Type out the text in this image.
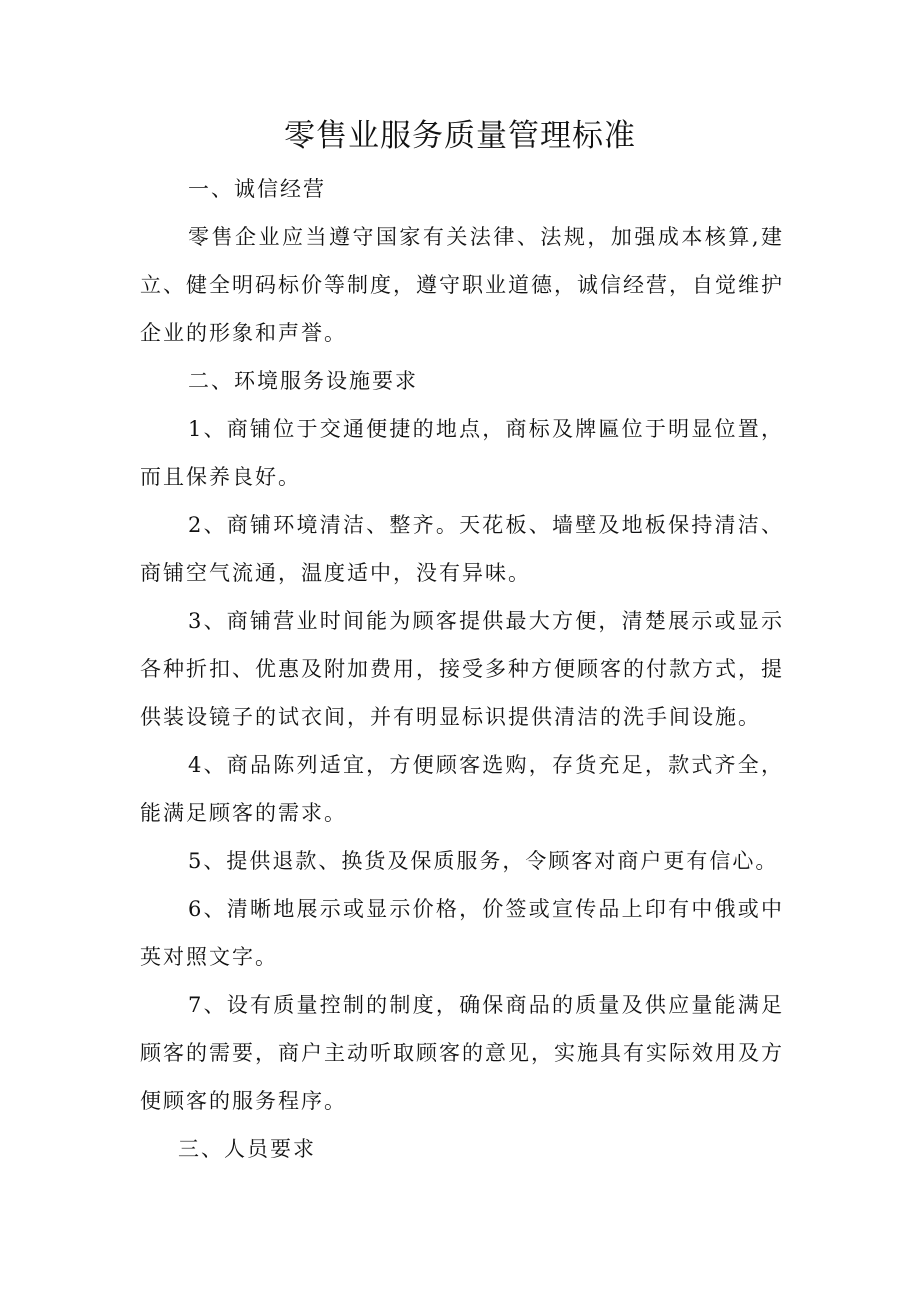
零售业服务质量管理标准

一、诚信经营

零售企业应当遵守国家有关法律、法规，加强成本核算,建立、健全明码标价等制度，遵守职业道德，诚信经营，自觉维护企业的形象和声誉。

二、环境服务设施要求

1、商铺位于交通便捷的地点，商标及牌匾位于明显位置，而且保养良好。

2、商铺环境清洁、整齐。天花板、墙壁及地板保持清洁、商铺空气流通，温度适中，没有异味。

3、商铺营业时间能为顾客提供最大方便，清楚展示或显示各种折扣、优惠及附加费用，接受多种方便顾客的付款方式，提供装设镜子的试衣间，并有明显标识提供清洁的洗手间设施。

4、商品陈列适宜，方便顾客选购，存货充足，款式齐全，能满足顾客的需求。

5、提供退款、换货及保质服务，令顾客对商户更有信心。

6、清晰地展示或显示价格，价签或宣传品上印有中俄或中英对照文字。

7、设有质量控制的制度，确保商品的质量及供应量能满足顾客的需要，商户主动听取顾客的意见，实施具有实际效用及方便顾客的服务程序。

三、人员要求
